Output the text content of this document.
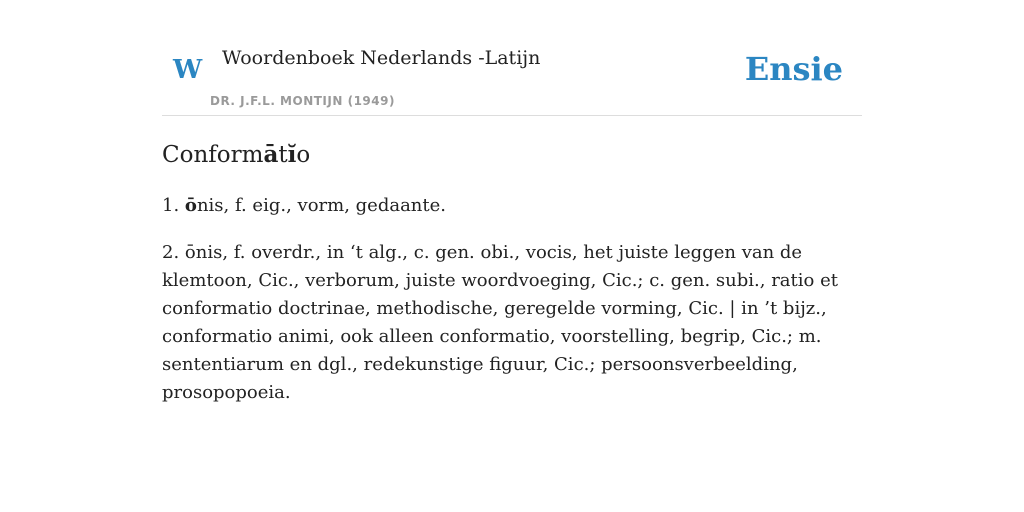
W Woordenboek Nederlands -Latijn
DR. J.F.L. MONTIJN (1949)
Ensie
Conformātĭo

1. ōnis, f. eig., vorm, gedaante.

2. ōnis, f. overdr., in ‘t alg., c. gen. obi., vocis, het juiste leggen van de klemtoon, Cic., verborum, juiste woordvoeging, Cic.; c. gen. subi., ratio et conformatio doctrinae, methodische, geregelde vorming, Cic. | in ’t bijz., conformatio animi, ook alleen conformatio, voorstelling, begrip, Cic.; m. sententiarum en dgl., redekunstige figuur, Cic.; persoonsverbeelding, prosopopoeia.
